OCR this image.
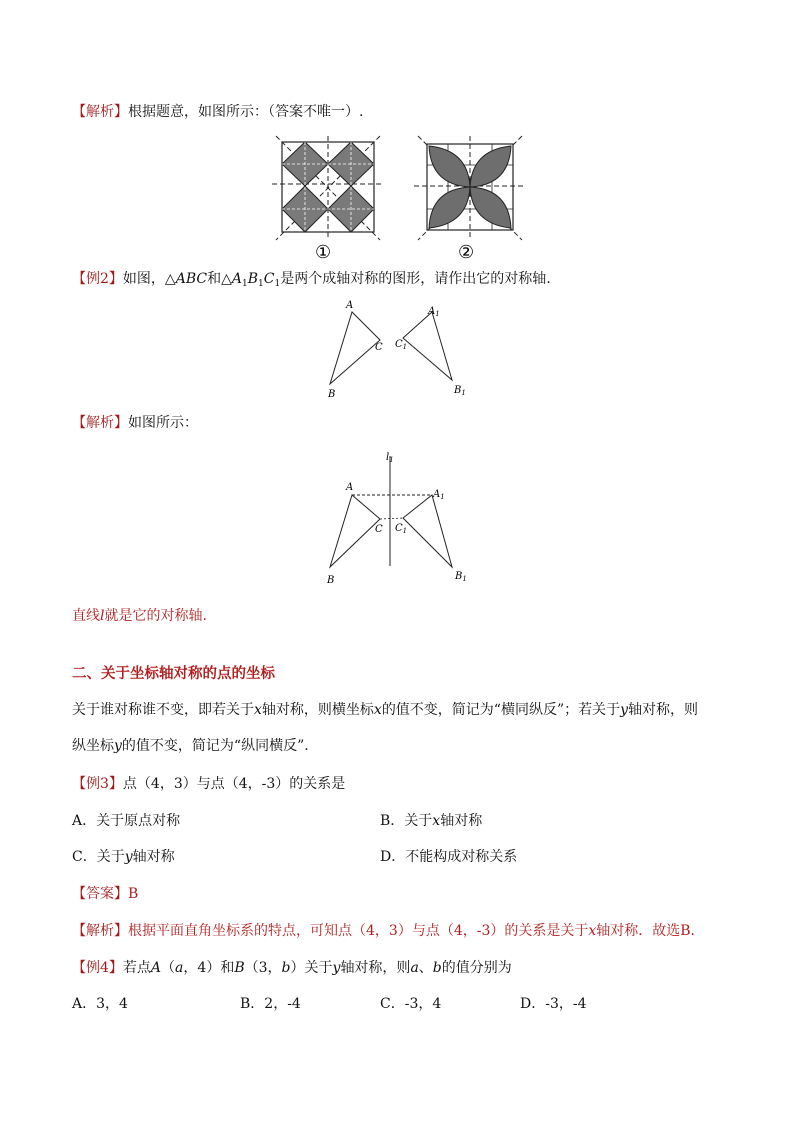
【解析】根据题意，如图所示：（答案不唯一）.
①	②
【例2】如图，△ABC和$\triangle A_1B_1C_1$是两个成轴对称的图形，请作出它的对称轴.
A
B
C
$A_1$
$B_1$
$C_1$
【解析】如图所示：
$l_1$
A
B
C
$A_1$
$B_1$
$C_1$
直线l就是它的对称轴.
二、关于坐标轴对称的点的坐标
关于谁对称谁不变，即若关于x轴对称，则横坐标x的值不变，简记为“横同纵反”；若关于y轴对称，则
纵坐标y的值不变，简记为“纵同横反”.
【例3】点（4，3）与点（4，-3）的关系是
A．关于原点对称	B．关于x轴对称
C．关于y轴对称	D．不能构成对称关系
【答案】B
【解析】根据平面直角坐标系的特点，可知点（4，3）与点（4，-3）的关系是关于x轴对称．故选B．
【例4】若点A（a，4）和B（3，b）关于y轴对称，则a、b的值分别为
A．3，4	B．2，-4	C．-3，4	D．-3，-4
